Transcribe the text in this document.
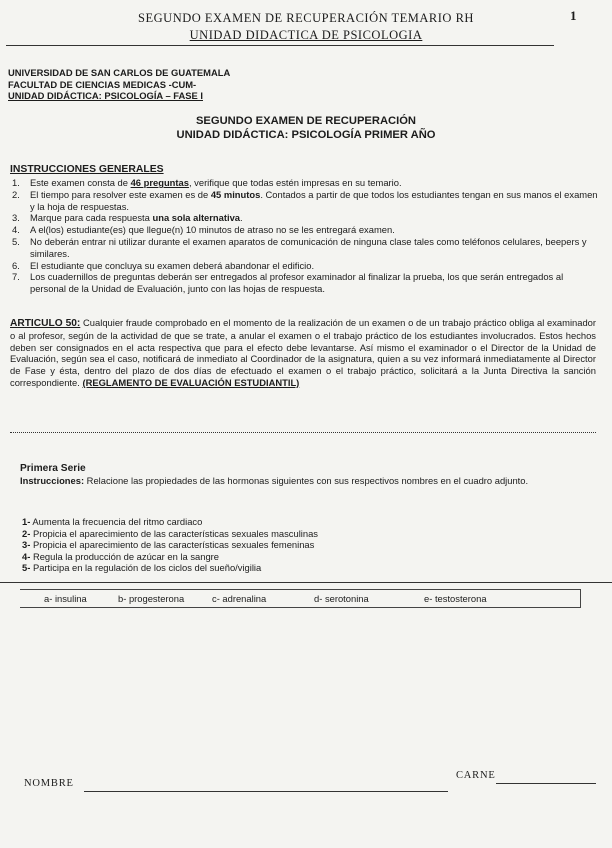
SEGUNDO EXAMEN DE RECUPERACIÓN TEMARIO RH
UNIDAD DIDACTICA DE PSICOLOGIA
1
UNIVERSIDAD DE SAN CARLOS DE GUATEMALA
FACULTAD DE CIENCIAS MEDICAS -CUM-
UNIDAD DIDÁCTICA: PSICOLOGÍA – FASE I
SEGUNDO EXAMEN DE RECUPERACIÓN
UNIDAD DIDÁCTICA: PSICOLOGÍA PRIMER AÑO
INSTRUCCIONES GENERALES
1. Este examen consta de 46 preguntas, verifique que todas estén impresas en su temario.
2. El tiempo para resolver este examen es de 45 minutos. Contados a partir de que todos los estudiantes tengan en sus manos el examen y la hoja de respuestas.
3. Marque para cada respuesta una sola alternativa.
4. A el(los) estudiante(es) que llegue(n) 10 minutos de atraso no se les entregará examen.
5. No deberán entrar ni utilizar durante el examen aparatos de comunicación de ninguna clase tales como teléfonos celulares, beepers y similares.
6. El estudiante que concluya su examen deberá abandonar el edificio.
7. Los cuadernillos de preguntas deberán ser entregados al profesor examinador al finalizar la prueba, los que serán entregados al personal de la Unidad de Evaluación, junto con las hojas de respuesta.
ARTICULO 50: Cualquier fraude comprobado en el momento de la realización de un examen o de un trabajo práctico obliga al examinador o al profesor, según de la actividad de que se trate, a anular el examen o el trabajo práctico de los estudiantes involucrados. Estos hechos deben ser consignados en el acta respectiva que para el efecto debe levantarse. Así mismo el examinador o el Director de la Unidad de Evaluación, según sea el caso, notificará de inmediato al Coordinador de la asignatura, quien a su vez informará inmediatamente al Director de Fase y ésta, dentro del plazo de dos días de efectuado el examen o el trabajo práctico, solicitará a la Junta Directiva la sanción correspondiente. (REGLAMENTO DE EVALUACIÓN ESTUDIANTIL)
Primera Serie
Instrucciones: Relacione las propiedades de las hormonas siguientes con sus respectivos nombres en el cuadro adjunto.
1- Aumenta la frecuencia del ritmo cardiaco
2- Propicia el aparecimiento de las características sexuales masculinas
3- Propicia el aparecimiento de las características sexuales femeninas
4- Regula la producción de azúcar en la sangre
5- Participa en la regulación de los ciclos del sueño/vigilia
a- insulina	b- progesterona	c- adrenalina	d- serotonina	e- testosterona
NOMBRE
CARNE
